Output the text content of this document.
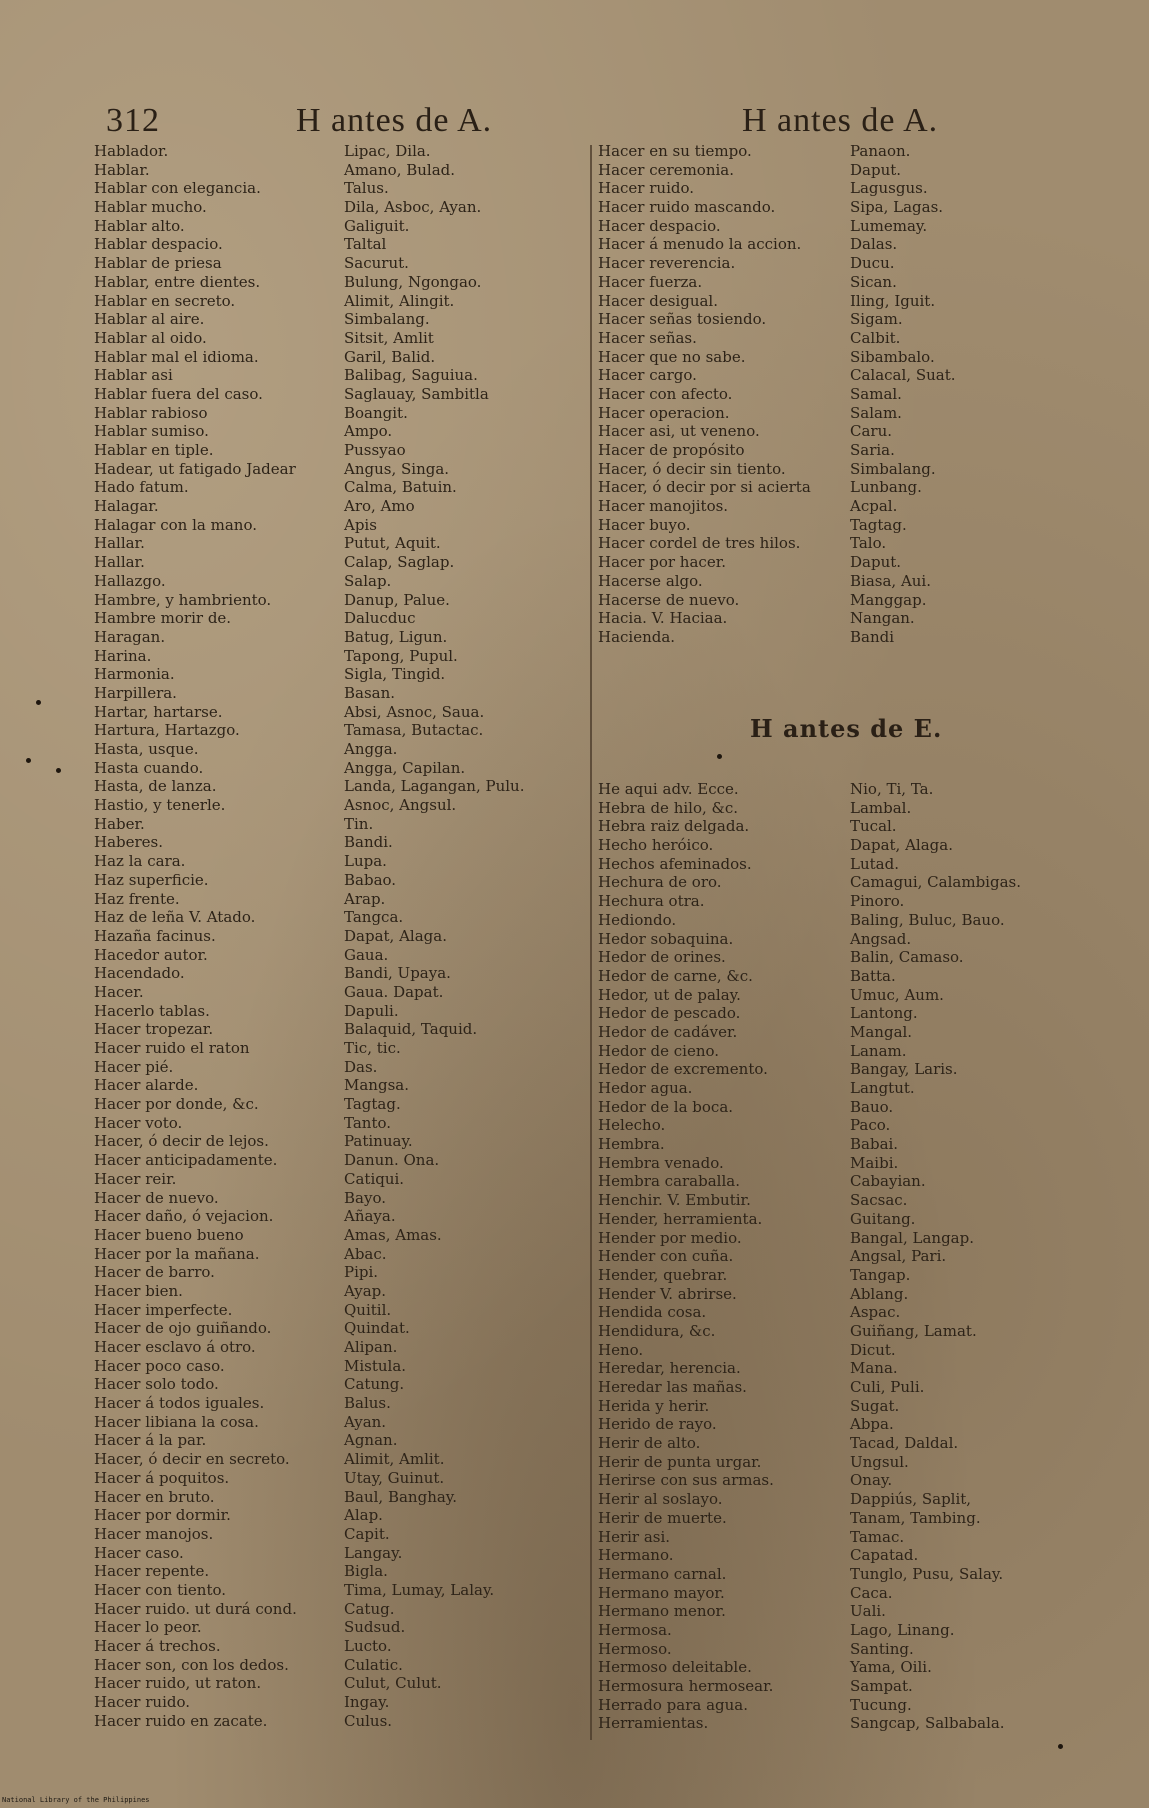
312	H antes de A.	H antes de A.
Hablador.	Lipac, Dila.
Hablar.	Amano, Bulad.
Hablar con elegancia.	Talus.
Hablar mucho.	Dila, Asboc, Ayan.
Hablar alto.	Galiguit.
Hablar despacio.	Taltal
Hablar de priesa	Sacurut.
Hablar, entre dientes.	Bulung, Ngongao.
Hablar en secreto.	Alimit, Alingit.
Hablar al aire.	Simbalang.
Hablar al oido.	Sitsit, Amlit
Hablar mal el idioma.	Garil, Balid.
Hablar asi	Balibag, Saguiua.
Hablar fuera del caso.	Saglauay, Sambitla
Hablar rabioso	Boangit.
Hablar sumiso.	Ampo.
Hablar en tiple.	Pussyao
Hadear, ut fatigado Jadear	Angus, Singa.
Hado fatum.	Calma, Batuin.
Halagar.	Aro, Amo
Halagar con la mano.	Apis
Hallar.	Putut, Aquit.
Hallar.	Calap, Saglap.
Hallazgo.	Salap.
Hambre, y hambriento.	Danup, Palue.
Hambre morir de.	Dalucduc
Haragan.	Batug, Ligun.
Harina.	Tapong, Pupul.
Harmonia.	Sigla, Tingid.
Harpillera.	Basan.
Hartar, hartarse.	Absi, Asnoc, Saua.
Hartura, Hartazgo.	Tamasa, Butactac.
Hasta, usque.	Angga.
Hasta cuando.	Angga, Capilan.
Hasta, de lanza.	Landa, Lagangan, Pulu.
Hastio, y tenerle.	Asnoc, Angsul.
Haber.	Tin.
Haberes.	Bandi.
Haz la cara.	Lupa.
Haz superficie.	Babao.
Haz frente.	Arap.
Haz de leña V. Atado.	Tangca.
Hazaña facinus.	Dapat, Alaga.
Hacedor autor.	Gaua.
Hacendado.	Bandi, Upaya.
Hacer.	Gaua. Dapat.
Hacerlo tablas.	Dapuli.
Hacer tropezar.	Balaquid, Taquid.
Hacer ruido el raton	Tic, tic.
Hacer pié.	Das.
Hacer alarde.	Mangsa.
Hacer por donde, &c.	Tagtag.
Hacer voto.	Tanto.
Hacer, ó decir de lejos.	Patinuay.
Hacer anticipadamente.	Danun. Ona.
Hacer reir.	Catiqui.
Hacer de nuevo.	Bayo.
Hacer daño, ó vejacion.	Añaya.
Hacer bueno bueno	Amas, Amas.
Hacer por la mañana.	Abac.
Hacer de barro.	Pipi.
Hacer bien.	Ayap.
Hacer imperfecte.	Quitil.
Hacer de ojo guiñando.	Quindat.
Hacer esclavo á otro.	Alipan.
Hacer poco caso.	Mistula.
Hacer solo todo.	Catung.
Hacer á todos iguales.	Balus.
Hacer libiana la cosa.	Ayan.
Hacer á la par.	Agnan.
Hacer, ó decir en secreto.	Alimit, Amlit.
Hacer á poquitos.	Utay, Guinut.
Hacer en bruto.	Baul, Banghay.
Hacer por dormir.	Alap.
Hacer manojos.	Capit.
Hacer caso.	Langay.
Hacer repente.	Bigla.
Hacer con tiento.	Tima, Lumay, Lalay.
Hacer ruido. ut durá cond.	Catug.
Hacer lo peor.	Sudsud.
Hacer á trechos.	Lucto.
Hacer son, con los dedos.	Culatic.
Hacer ruido, ut raton.	Culut, Culut.
Hacer ruido.	Ingay.
Hacer ruido en zacate.	Culus.
Hacer en su tiempo.	Panaon.
Hacer ceremonia.	Daput.
Hacer ruido.	Lagusgus.
Hacer ruido mascando.	Sipa, Lagas.
Hacer despacio.	Lumemay.
Hacer á menudo la accion.	Dalas.
Hacer reverencia.	Ducu.
Hacer fuerza.	Sican.
Hacer desigual.	Iling, Iguit.
Hacer señas tosiendo.	Sigam.
Hacer señas.	Calbit.
Hacer que no sabe.	Sibambalo.
Hacer cargo.	Calacal, Suat.
Hacer con afecto.	Samal.
Hacer operacion.	Salam.
Hacer asi, ut veneno.	Caru.
Hacer de propósito	Saria.
Hacer, ó decir sin tiento.	Simbalang.
Hacer, ó decir por si acierta	Lunbang.
Hacer manojitos.	Acpal.
Hacer buyo.	Tagtag.
Hacer cordel de tres hilos.	Talo.
Hacer por hacer.	Daput.
Hacerse algo.	Biasa, Aui.
Hacerse de nuevo.	Manggap.
Hacia. V. Haciaa.	Nangan.
Hacienda.	Bandi
H antes de E.
He aqui adv. Ecce.	Nio, Ti, Ta.
Hebra de hilo, &c.	Lambal.
Hebra raiz delgada.	Tucal.
Hecho heróico.	Dapat, Alaga.
Hechos afeminados.	Lutad.
Hechura de oro.	Camagui, Calambigas.
Hechura otra.	Pinoro.
Hediondo.	Baling, Buluc, Bauo.
Hedor sobaquina.	Angsad.
Hedor de orines.	Balin, Camaso.
Hedor de carne, &c.	Batta.
Hedor, ut de palay.	Umuc, Aum.
Hedor de pescado.	Lantong.
Hedor de cadáver.	Mangal.
Hedor de cieno.	Lanam.
Hedor de excremento.	Bangay, Laris.
Hedor agua.	Langtut.
Hedor de la boca.	Bauo.
Helecho.	Paco.
Hembra.	Babai.
Hembra venado.	Maibi.
Hembra caraballa.	Cabayian.
Henchir. V. Embutir.	Sacsac.
Hender, herramienta.	Guitang.
Hender por medio.	Bangal, Langap.
Hender con cuña.	Angsal, Pari.
Hender, quebrar.	Tangap.
Hender V. abrirse.	Ablang.
Hendida cosa.	Aspac.
Hendidura, &c.	Guiñang, Lamat.
Heno.	Dicut.
Heredar, herencia.	Mana.
Heredar las mañas.	Culi, Puli.
Herida y herir.	Sugat.
Herido de rayo.	Abpa.
Herir de alto.	Tacad, Daldal.
Herir de punta urgar.	Ungsul.
Herirse con sus armas.	Onay.
Herir al soslayo.	Dappiús, Saplit,
Herir de muerte.	Tanam, Tambing.
Herir asi.	Tamac.
Hermano.	Capatad.
Hermano carnal.	Tunglo, Pusu, Salay.
Hermano mayor.	Caca.
Hermano menor.	Uali.
Hermosa.	Lago, Linang.
Hermoso.	Santing.
Hermoso deleitable.	Yama, Oili.
Hermosura hermosear.	Sampat.
Herrado para agua.	Tucung.
Herramientas.	Sangcap, Salbabala.
National Library of the Philippines
